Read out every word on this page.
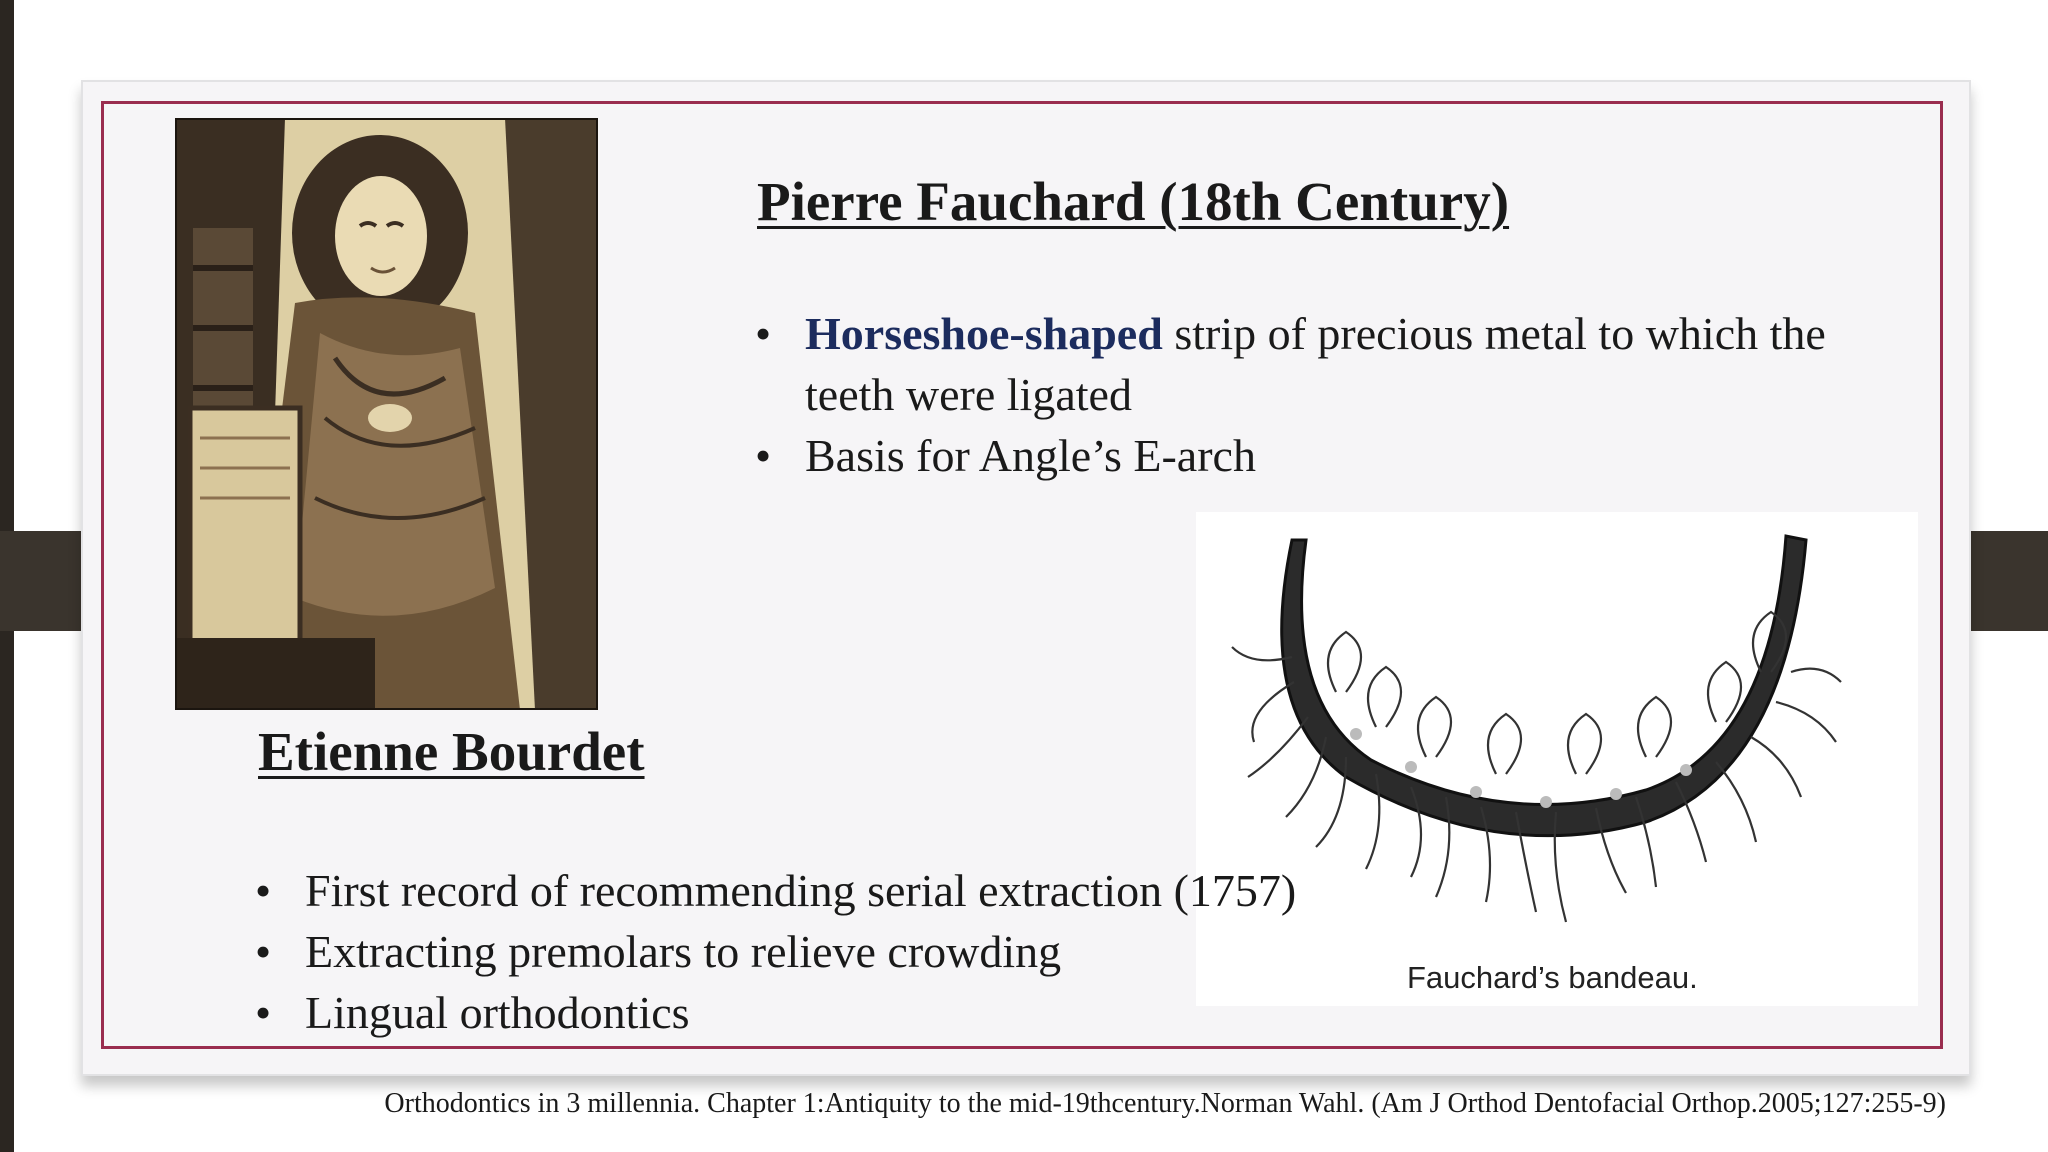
Pierre Fauchard (18th Century)
• Horseshoe-shaped strip of precious metal to which the teeth were ligated
• Basis for Angle’s E-arch
Etienne Bourdet
Fauchard’s bandeau.
• First record of recommending serial extraction (1757)
• Extracting premolars to relieve crowding
• Lingual orthodontics
Orthodontics in 3 millennia. Chapter 1:Antiquity to the mid-19thcentury.Norman Wahl. (Am J Orthod Dentofacial Orthop.2005;127:255-9)
